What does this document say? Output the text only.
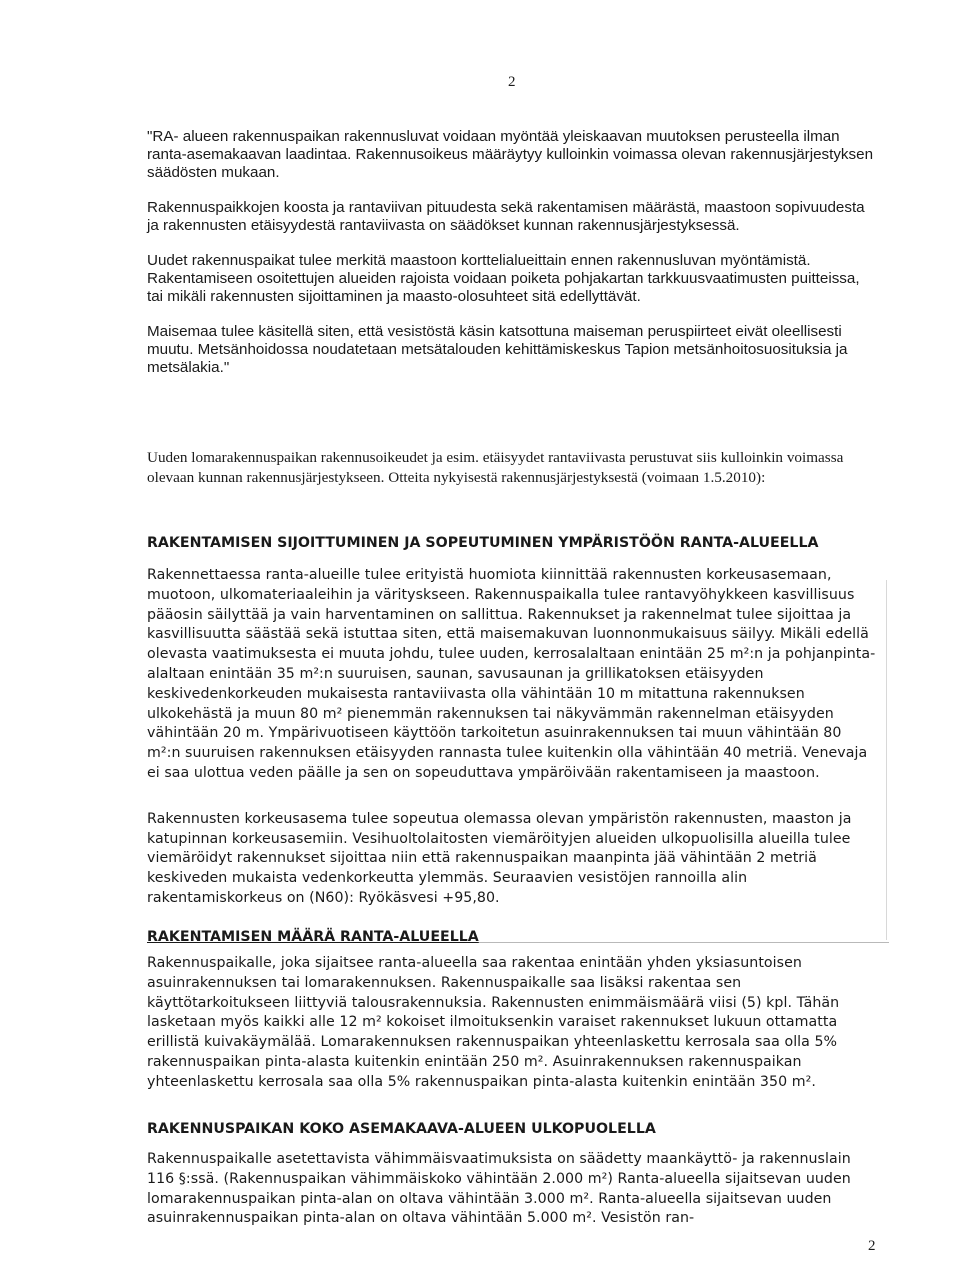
2

"RA- alueen rakennuspaikan rakennusluvat voidaan myöntää yleiskaavan muutoksen perusteella ilman ranta-asemakaavan laadintaa. Rakennusoikeus määräytyy kulloinkin voimassa olevan rakennusjärjestyksen säädösten mukaan.

Rakennuspaikkojen koosta ja rantaviivan pituudesta sekä rakentamisen määrästä, maastoon sopivuudesta ja rakennusten etäisyydestä rantaviivasta on säädökset kunnan rakennusjärjestyksessä.

Uudet rakennuspaikat tulee merkitä maastoon korttelialueittain ennen rakennusluvan myöntämistä. Rakentamiseen osoitettujen alueiden rajoista voidaan poiketa pohjakartan tarkkuusvaatimusten puitteissa, tai mikäli rakennusten sijoittaminen ja maasto-olosuhteet sitä edellyttävät.

Maisemaa tulee käsitellä siten, että vesistöstä käsin katsottuna maiseman peruspiirteet eivät oleellisesti muutu. Metsänhoidossa noudatetaan metsätalouden kehittämiskeskus Tapion metsänhoitosuosituksia ja metsälakia."

Uuden lomarakennuspaikan rakennusoikeudet ja esim. etäisyydet rantaviivasta perustuvat siis kulloinkin voimassa olevaan kunnan rakennusjärjestykseen. Otteita nykyisestä rakennusjärjestyksestä (voimaan 1.5.2010):

RAKENTAMISEN SIJOITTUMINEN JA SOPEUTUMINEN YMPÄRISTÖÖN RANTA-ALUEELLA

Rakennettaessa ranta-alueille tulee erityistä huomiota kiinnittää rakennusten korkeusasemaan, muotoon, ulkomateriaaleihin ja värityskseen. Rakennuspaikalla tulee rantavyöhykkeen kasvillisuus pääosin säilyttää ja vain harventaminen on sallittua. Rakennukset ja rakennelmat tulee sijoittaa ja kasvillisuutta säästää sekä istuttaa siten, että maisemakuvan luonnonmukaisuus säilyy. Mikäli edellä olevasta vaatimuksesta ei muuta johdu, tulee uuden, kerrosalaltaan enintään 25 m²:n ja pohjanpinta-alaltaan enintään 35 m²:n suuruisen, saunan, savusaunan ja grillikatoksen etäisyyden keskivedenkorkeuden mukaisesta rantaviivasta olla vähintään 10 m mitattuna rakennuksen ulkokehästä ja muun 80 m² pienemmän rakennuksen tai näkyvämmän rakennelman etäisyyden vähintään 20 m. Ympärivuotiseen käyttöön tarkoitetun asuinrakennuksen tai muun vähintään 80 m²:n suuruisen rakennuksen etäisyyden rannasta tulee kuitenkin olla vähintään 40 metriä. Venevaja ei saa ulottua veden päälle ja sen on sopeuduttava ympäröivään rakentamiseen ja maastoon.

Rakennusten korkeusasema tulee sopeutua olemassa olevan ympäristön rakennusten, maaston ja katupinnan korkeusasemiin. Vesihuoltolaitosten viemäröityjen alueiden ulkopuolisilla alueilla tulee viemäröidyt rakennukset sijoittaa niin että rakennuspaikan maanpinta jää vähintään 2 metriä keskiveden mukaista vedenkorkeutta ylemmäs. Seuraavien vesistöjen rannoilla alin rakentamiskorkeus on (N60): Ryökäsvesi +95,80.

RAKENTAMISEN MÄÄRÄ RANTA-ALUEELLA

Rakennuspaikalle, joka sijaitsee ranta-alueella saa rakentaa enintään yhden yksiasuntoisen asuinrakennuksen tai lomarakennuksen. Rakennuspaikalle saa lisäksi rakentaa sen käyttötarkoitukseen liittyviä talousrakennuksia. Rakennusten enimmäismäärä viisi (5) kpl. Tähän lasketaan myös kaikki alle 12 m² kokoiset ilmoituksenkin varaiset rakennukset lukuun ottamatta erillistä kuivakäymälää. Lomarakennuksen rakennuspaikan yhteenlaskettu kerrosala saa olla 5% rakennuspaikan pinta-alasta kuitenkin enintään 250 m². Asuinrakennuksen rakennuspaikan yhteenlaskettu kerrosala saa olla 5% rakennuspaikan pinta-alasta kuitenkin enintään 350 m².

RAKENNUSPAIKAN KOKO ASEMAKAAVA-ALUEEN ULKOPUOLELLA

Rakennuspaikalle asetettavista vähimmäisvaatimuksista on säädetty maankäyttö- ja rakennuslain 116 §:ssä. (Rakennuspaikan vähimmäiskoko vähintään 2.000 m²) Ranta-alueella sijaitsevan uuden lomarakennuspaikan pinta-alan on oltava vähintään 3.000 m². Ranta-alueella sijaitsevan uuden asuinrakennuspaikan pinta-alan on oltava vähintään 5.000 m². Vesistön ran-

2
